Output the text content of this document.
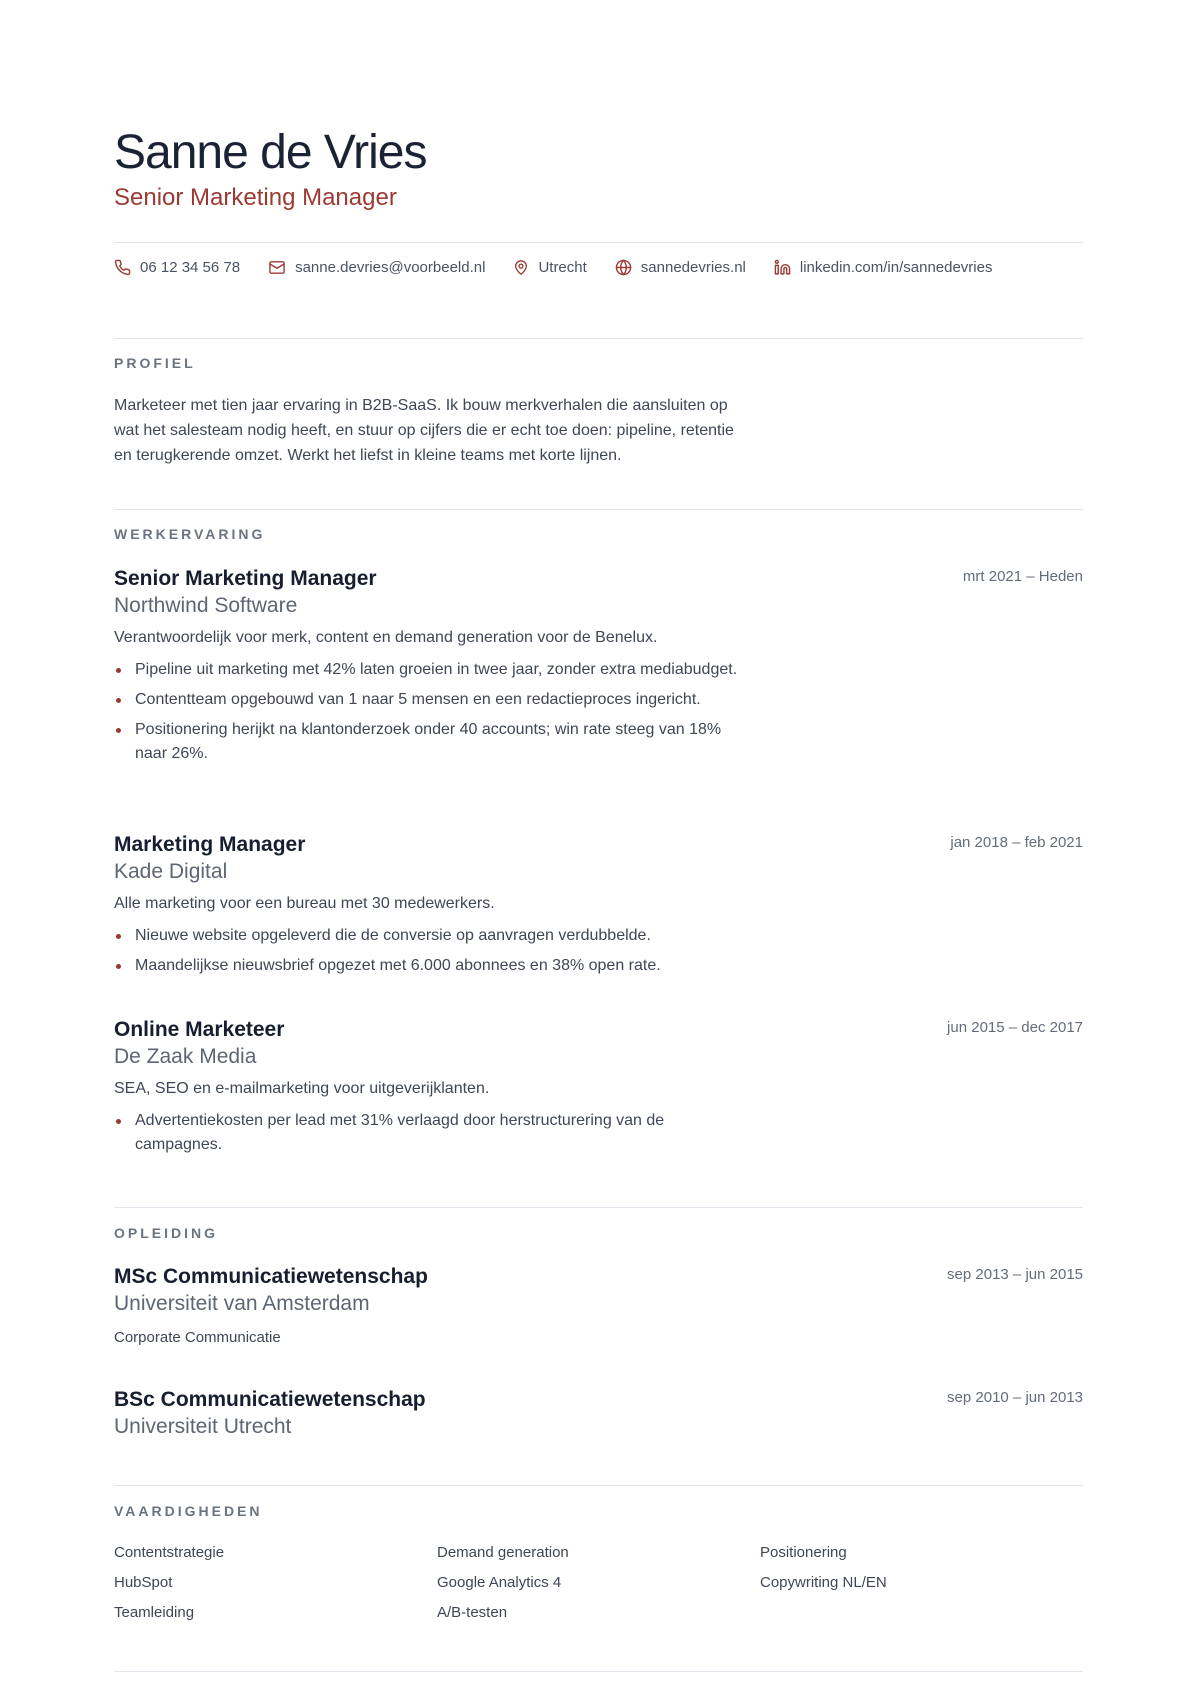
Sanne de Vries
Senior Marketing Manager
06 12 34 56 78	sanne.devries@voorbeeld.nl	Utrecht	sannedevries.nl	linkedin.com/in/sannedevries
PROFIEL

Marketeer met tien jaar ervaring in B2B-SaaS. Ik bouw merkverhalen die aansluiten op wat het salesteam nodig heeft, en stuur op cijfers die er echt toe doen: pipeline, retentie en terugkerende omzet. Werkt het liefst in kleine teams met korte lijnen.

WERKERVARING
Senior Marketing Manager
Northwind Software
mrt 2021 – Heden

Verantwoordelijk voor merk, content en demand generation voor de Benelux.

Pipeline uit marketing met 42% laten groeien in twee jaar, zonder extra mediabudget.
Contentteam opgebouwd van 1 naar 5 mensen en een redactieproces ingericht.
Positionering herijkt na klantonderzoek onder 40 accounts; win rate steeg van 18% naar 26%.
Marketing Manager
Kade Digital
jan 2018 – feb 2021

Alle marketing voor een bureau met 30 medewerkers.

Nieuwe website opgeleverd die de conversie op aanvragen verdubbelde.
Maandelijkse nieuwsbrief opgezet met 6.000 abonnees en 38% open rate.
Online Marketeer
De Zaak Media
jun 2015 – dec 2017

SEA, SEO en e-mailmarketing voor uitgeverijklanten.

Advertentiekosten per lead met 31% verlaagd door herstructurering van de campagnes.
OPLEIDING
MSc Communicatiewetenschap
Universiteit van Amsterdam
sep 2013 – jun 2015

Corporate Communicatie

BSc Communicatiewetenschap
Universiteit Utrecht
sep 2010 – jun 2013
VAARDIGHEDEN
Contentstrategie	Demand generation	Positionering
HubSpot	Google Analytics 4	Copywriting NL/EN
Teamleiding	A/B-testen
